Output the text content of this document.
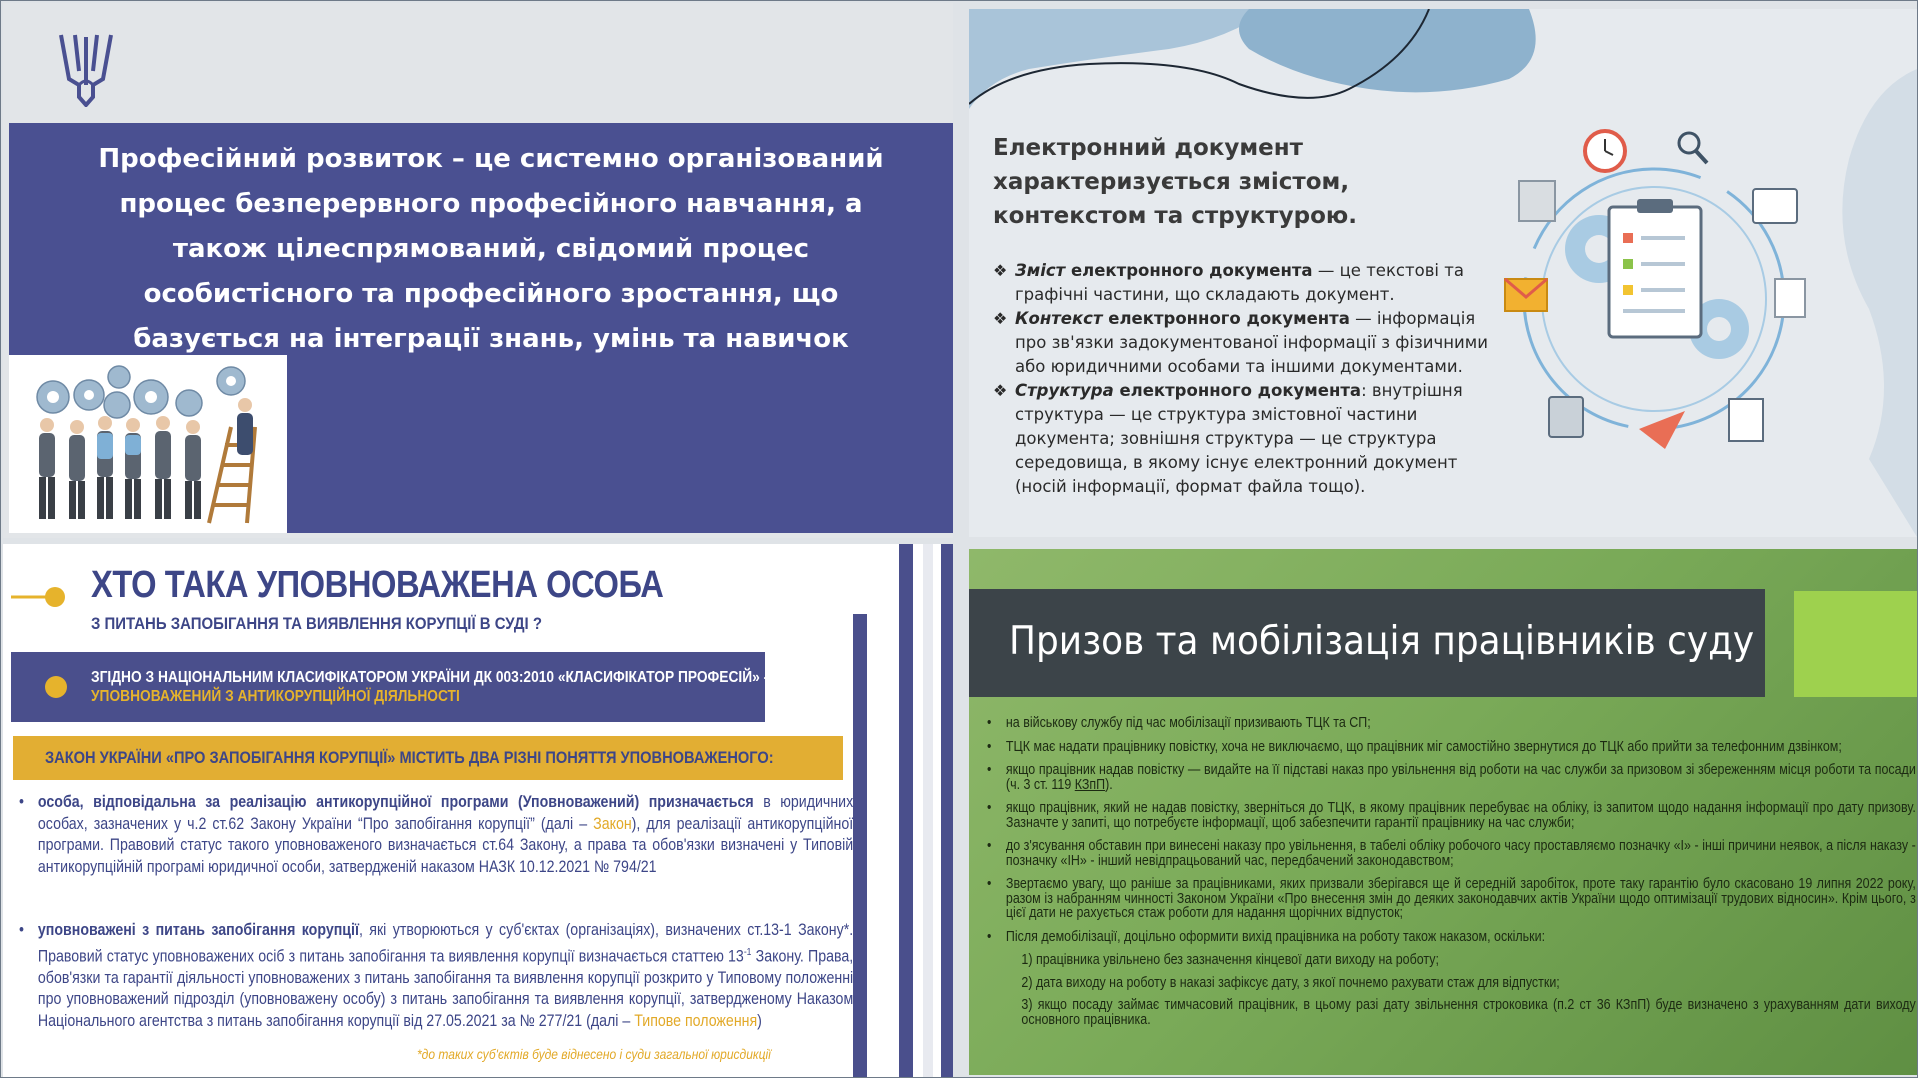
Професійний розвиток – це системно організований процес безперервного професійного навчання, а також цілеспрямований, свідомий процес особистісного та професійного зростання, що базується на інтеграції знань, умінь та навичок
Електронний документ характеризується змістом, контекстом та структурою.
❖ Зміст електронного документа — це текстові та графічні частини, що складають документ.
❖ Контекст електронного документа — інформація про зв'язки задокументованої інформації з фізичними або юридичними особами та іншими документами.
❖ Структура електронного документа: внутрішня структура — це структура змістовної частини документа; зовнішня структура — це структура середовища, в якому існує електронний документ (носій інформації, формат файла тощо).
ХТО ТАКА УПОВНОВАЖЕНА ОСОБА
З ПИТАНЬ ЗАПОБІГАННЯ ТА ВИЯВЛЕННЯ КОРУПЦІЇ В СУДІ ?
ЗГІДНО З НАЦІОНАЛЬНИМ КЛАСИФІКАТОРОМ УКРАЇНИ ДК 003:2010 «КЛАСИФІКАТОР ПРОФЕСІЙ» - УПОВНОВАЖЕНИЙ З АНТИКОРУПЦІЙНОЇ ДІЯЛЬНОСТІ
ЗАКОН УКРАЇНИ «ПРО ЗАПОБІГАННЯ КОРУПЦІЇ» МІСТИТЬ ДВА РІЗНІ ПОНЯТТЯ УПОВНОВАЖЕНОГО:
• особа, відповідальна за реалізацію антикорупційної програми (Уповноважений) призначається в юридичних особах, зазначених у ч.2 ст.62 Закону України “Про запобігання корупції” (далі – Закон), для реалізації антикорупційної програми. Правовий статус такого уповноваженого визначається ст.64 Закону, а права та обов'язки визначені у Типовій антикорупційній програмі юридичної особи, затвердженій наказом НАЗК 10.12.2021 № 794/21
• уповноважені з питань запобігання корупції, які утворюються у суб'єктах (організаціях), визначених ст.13-1 Закону*. Правовий статус уповноважених осіб з питань запобігання та виявлення корупції визначається статтею $13^{-1}$ Закону. Права, обов'язки та гарантії діяльності уповноважених з питань запобігання та виявлення корупції розкрито у Типовому положенні про уповноважений підрозділ (уповноважену особу) з питань запобігання та виявлення корупції, затвердженому Наказом Національного агентства з питань запобігання корупції від 27.05.2021 за № 277/21 (далі – Типове положення)
*до таких суб'єктів буде віднесено і суди загальної юрисдикції
Призов та мобілізація працівників суду
• на військову службу під час мобілізації призивають ТЦК та СП;
• ТЦК має надати працівнику повістку, хоча не виключаємо, що працівник міг самостійно звернутися до ТЦК або прийти за телефонним дзвінком;
• якщо працівник надав повістку — видайте на її підставі наказ про увільнення від роботи на час служби за призовом зі збереженням місця роботи та посади (ч. 3 ст. 119 КЗпП).
• якщо працівник, який не надав повістку, зверніться до ТЦК, в якому працівник перебуває на обліку, із запитом щодо надання інформації про дату призову. Зазначте у запиті, що потребуєте інформації, щоб забезпечити гарантії працівнику на час служби;
• до з'ясування обставин при винесені наказу про увільнення, в табелі обліку робочого часу проставляємо позначку «І» - інші причини неявок, а після наказу - позначку «ІН» - інший невідпрацьований час, передбачений законодавством;
• Звертаємо увагу, що раніше за працівниками, яких призвали зберігався ще й середній заробіток, проте таку гарантію було скасовано 19 липня 2022 року, разом із набранням чинності Законом України «Про внесення змін до деяких законодавчих актів України щодо оптимізації трудових відносин». Крім цього, з цієї дати не рахується стаж роботи для надання щорічних відпусток;
• Після демобілізації, доцільно оформити вихід працівника на роботу також наказом, оскільки:
1) працівника увільнено без зазначення кінцевої дати виходу на роботу;
2) дата виходу на роботу в наказі зафіксує дату, з якої почнемо рахувати стаж для відпустки;
3) якщо посаду займає тимчасовий працівник, в цьому разі дату звільнення строковика (п.2 ст 36 КЗпП) буде визначено з урахуванням дати виходу основного працівника.
